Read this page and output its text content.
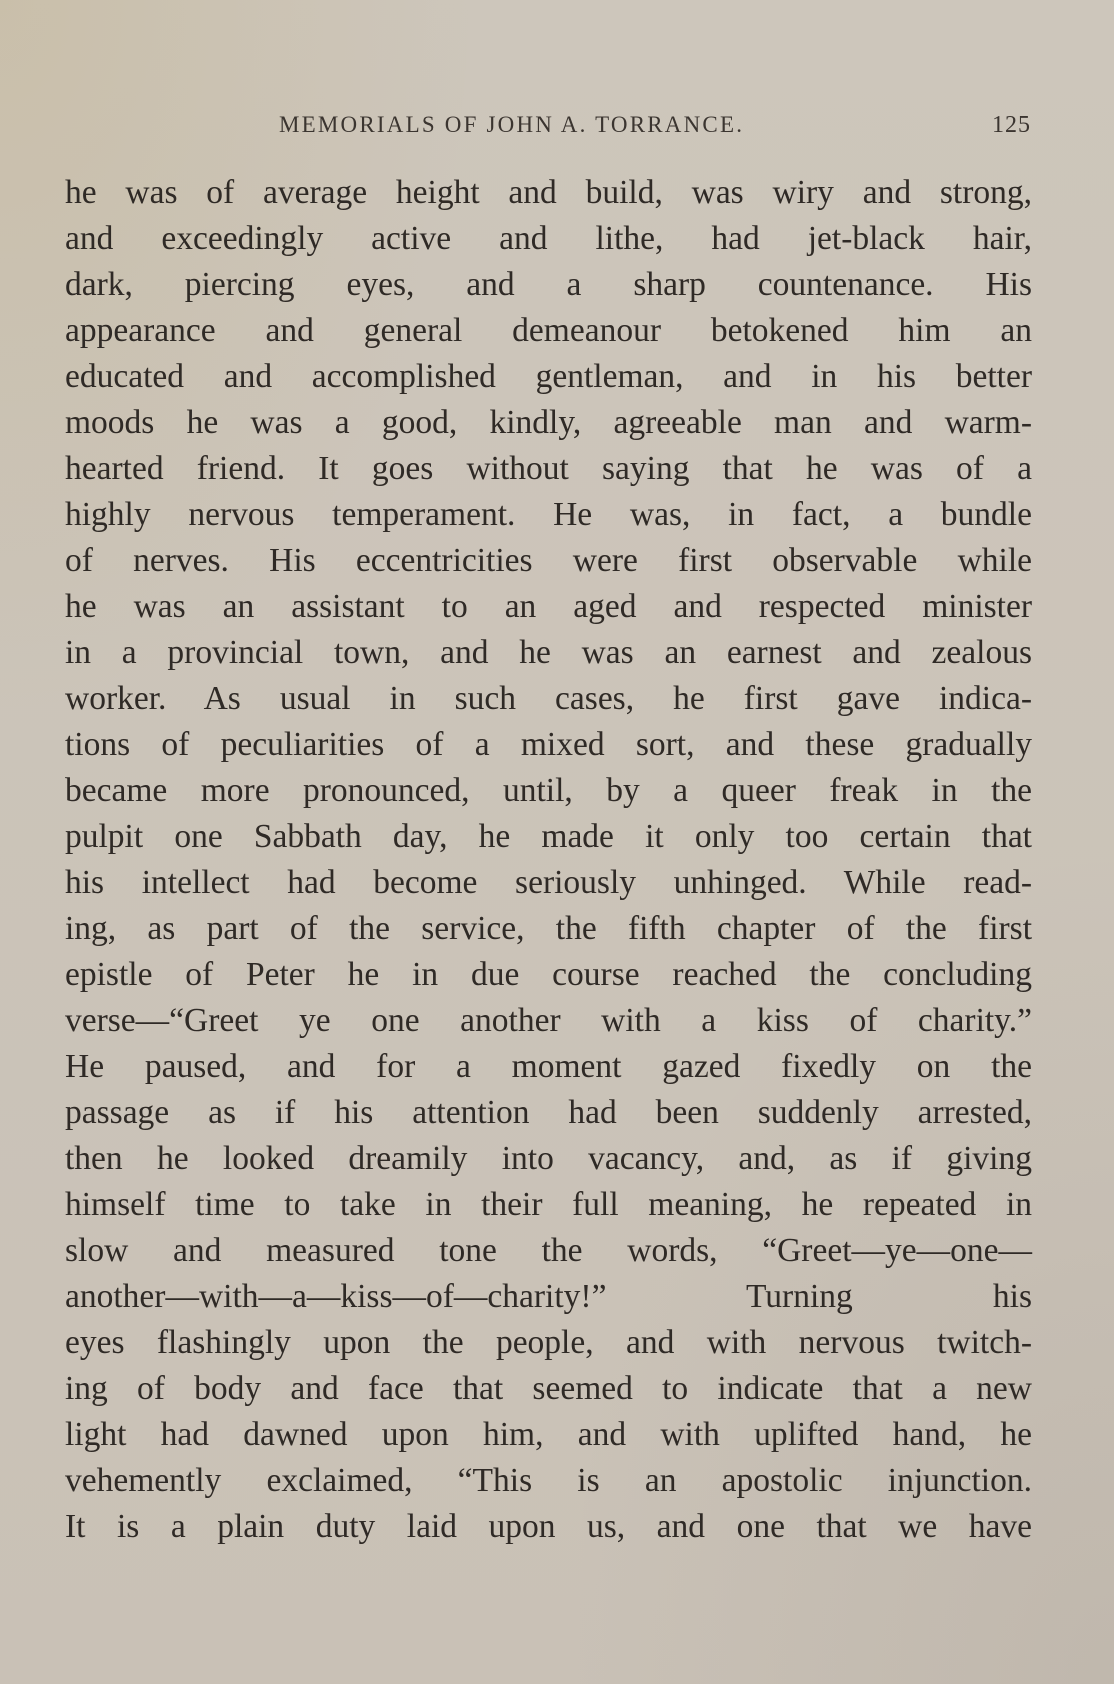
MEMORIALS OF JOHN A. TORRANCE.	125
he was of average height and build, was wiry and strong,
and exceedingly active and lithe, had jet-black hair,
dark, piercing eyes, and a sharp countenance. His
appearance and general demeanour betokened him an
educated and accomplished gentleman, and in his better
moods he was a good, kindly, agreeable man and warm-
hearted friend. It goes without saying that he was of a
highly nervous temperament. He was, in fact, a bundle
of nerves. His eccentricities were first observable while
he was an assistant to an aged and respected minister
in a provincial town, and he was an earnest and zealous
worker. As usual in such cases, he first gave indica-
tions of peculiarities of a mixed sort, and these gradually
became more pronounced, until, by a queer freak in the
pulpit one Sabbath day, he made it only too certain that
his intellect had become seriously unhinged. While read-
ing, as part of the service, the fifth chapter of the first
epistle of Peter he in due course reached the concluding
verse—“Greet ye one another with a kiss of charity.”
He paused, and for a moment gazed fixedly on the
passage as if his attention had been suddenly arrested,
then he looked dreamily into vacancy, and, as if giving
himself time to take in their full meaning, he repeated in
slow and measured tone the words, “Greet—ye—one—
another—with—a—kiss—of—charity!” Turning his
eyes flashingly upon the people, and with nervous twitch-
ing of body and face that seemed to indicate that a new
light had dawned upon him, and with uplifted hand, he
vehemently exclaimed, “This is an apostolic injunction.
It is a plain duty laid upon us, and one that we have
